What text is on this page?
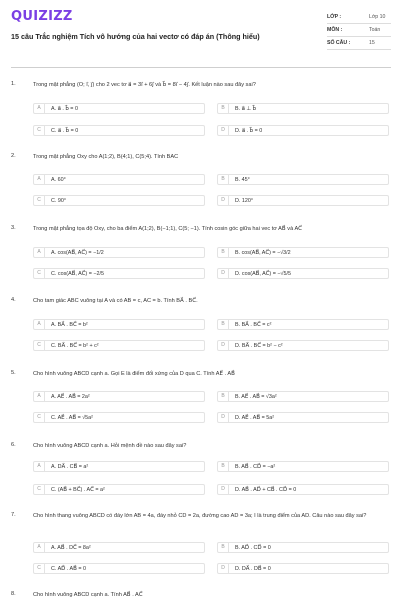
QUIZIZZ
15 câu Trắc nghiệm Tích vô hướng của hai vectơ có đáp án (Thông hiểu)
LỚP :	Lớp 10
MÔN :	Toán
SỐ CÂU :	15
1.	Trong mặt phẳng (O; i⃗, j⃗) cho 2 vec tơ a⃗ = 3i⃗ + 6j⃗ và b⃗ = 8i⃗ − 4j⃗. Kết luận nào sau đây sai?
A	A. a⃗ . b⃗ = 0	B	B. a⃗ ⊥ b⃗
C	C. a⃗ . b⃗ = 0	D	D. a⃗ . b⃗ = 0
2.	Trong mặt phẳng Oxy cho A(1;2), B(4;1), C(5;4). Tính BAC
A	A. 60°	B	B. 45°
C	C. 90°	D	D. 120°
3.	Trong mặt phẳng tọa độ Oxy, cho ba điểm A(1;2), B(−1;1), C(5; −1). Tính cosin góc giữa hai vec tơ AB⃗ và AC⃗
A	A. cos(AB⃗, AC⃗) = −1/2	B	B. cos(AB⃗, AC⃗) = −√3/2
C	C. cos(AB⃗, AC⃗) = −2/5	D	D. cos(AB⃗, AC⃗) = −√5/5
4.	Cho tam giác ABC vuông tại A và có AB = c, AC = b. Tính BA⃗ . BC⃗.
A	A. BA⃗ . BC⃗ = b²	B	B. BA⃗ . BC⃗ = c²
C	C. BA⃗ . BC⃗ = b² + c²	D	D. BA⃗ . BC⃗ = b² − c²
5.	Cho hình vuông ABCD cạnh a. Gọi E là điểm đối xứng của D qua C. Tính AE⃗ . AB⃗
A	A. AE⃗ . AB⃗ = 2a²	B	B. AE⃗ . AB⃗ = √3a²
C	C. AE⃗ . AB⃗ = √5a²	D	D. AE⃗ . AB⃗ = 5a²
6.	Cho hình vuông ABCD cạnh a. Hỏi mệnh đề nào sau đây sai?
A	A. DA⃗ . CB⃗ = a²	B	B. AB⃗ . CD⃗ = −a²
C	C. (AB⃗ + BC⃗) . AC⃗ = a²	D	D. AB⃗ . AD⃗ + CB⃗ . CD⃗ = 0
7.	Cho hình thang vuông ABCD có đáy lớn AB = 4a, đáy nhỏ CD = 2a, đường cao AD = 3a; I là trung điểm của AD. Câu nào sau đây sai?
A	A. AB⃗ . DC⃗ = 8a²	B	B. AD⃗ . CD⃗ = 0
C	C. AD⃗ . AB⃗ = 0	D	D. DA⃗ . DB⃗ = 0
8.	Cho hình vuông ABCD cạnh a. Tính AB⃗ . AC⃗
